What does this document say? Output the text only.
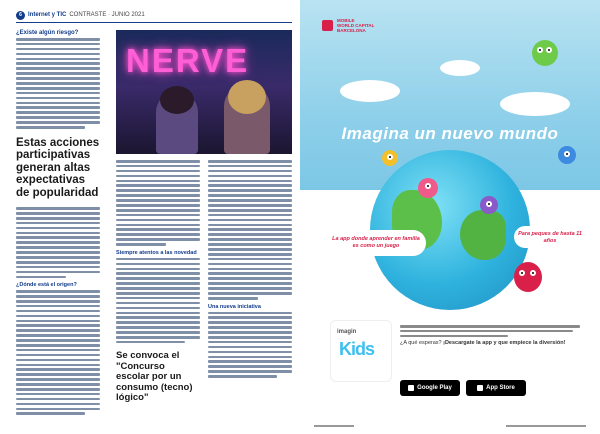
6	Internet y TIC CONTRASTE · JUNIO 2021
¿Existe algún riesgo?
Estas acciones participativas generan altas expectativas de popularidad
¿Dónde está el origen?
NERVE
Siempre atentos a las novedad
Se convoca el "Concurso escolar por un consumo (tecno) lógico"
Una nueva iniciativa
MOBILE
WORLD CAPITAL
BARCELONA
Imagina un nuevo mundo
La app donde aprender en familia es como un juego
Para peques de hasta 11 años
imagin
Kids	¿A qué esperas? ¡Descargate la app y que empiece la diversión!
Google Play	App Store
